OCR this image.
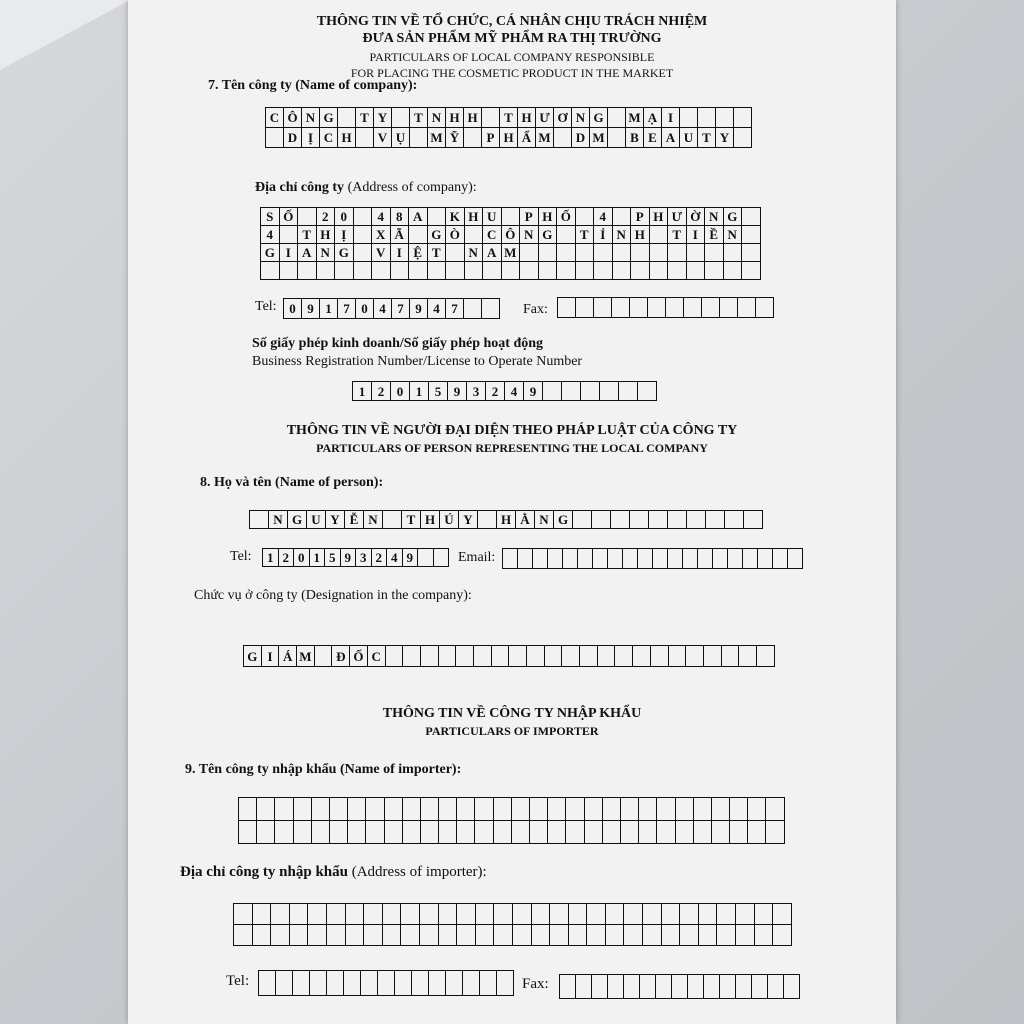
THÔNG TIN VỀ TỔ CHỨC, CÁ NHÂN CHỊU TRÁCH NHIỆM
ĐƯA SẢN PHẨM MỸ PHẨM RA THỊ TRƯỜNG
PARTICULARS OF LOCAL COMPANY RESPONSIBLE
FOR PLACING THE COSMETIC PRODUCT IN THE MARKET
7. Tên công ty (Name of company):
C Ô N G	T Y	T N H H	T H Ư Ơ N G	M Ạ I
D Ị C H	V Ụ	M Ỹ	P H Ẩ M D M	B E A U T Y
Địa chỉ công ty (Address of company):
S Ố	2 0	4 8 A	K H U	P H Ố	4	P H Ư Ờ N G
4	T H Ị	X Ã	G Ò	C Ô N G	T Ỉ N H	T I Ề N
G I A N G	V I Ệ T	N A M
Tel: 0 9 1 7 0 4 7 9 4 7	Fax:
Số giấy phép kinh doanh/Số giấy phép hoạt động
Business Registration Number/License to Operate Number
1 2 0 1 5 9 3 2 4 9
THÔNG TIN VỀ NGƯỜI ĐẠI DIỆN THEO PHÁP LUẬT CỦA CÔNG TY
PARTICULARS OF PERSON REPRESENTING THE LOCAL COMPANY
8. Họ và tên (Name of person):
N G U Y Ễ N	T H Ú Y	H Ằ N G
Tel:	1 2 0 1 5 9 3 2 4 9	Email:
Chức vụ ở công ty (Designation in the company):
G I Á M Đ Ố C
THÔNG TIN VỀ CÔNG TY NHẬP KHẨU
PARTICULARS OF IMPORTER
9. Tên công ty nhập khẩu (Name of importer):
Địa chỉ công ty nhập khẩu (Address of importer):
Tel:	Fax:
